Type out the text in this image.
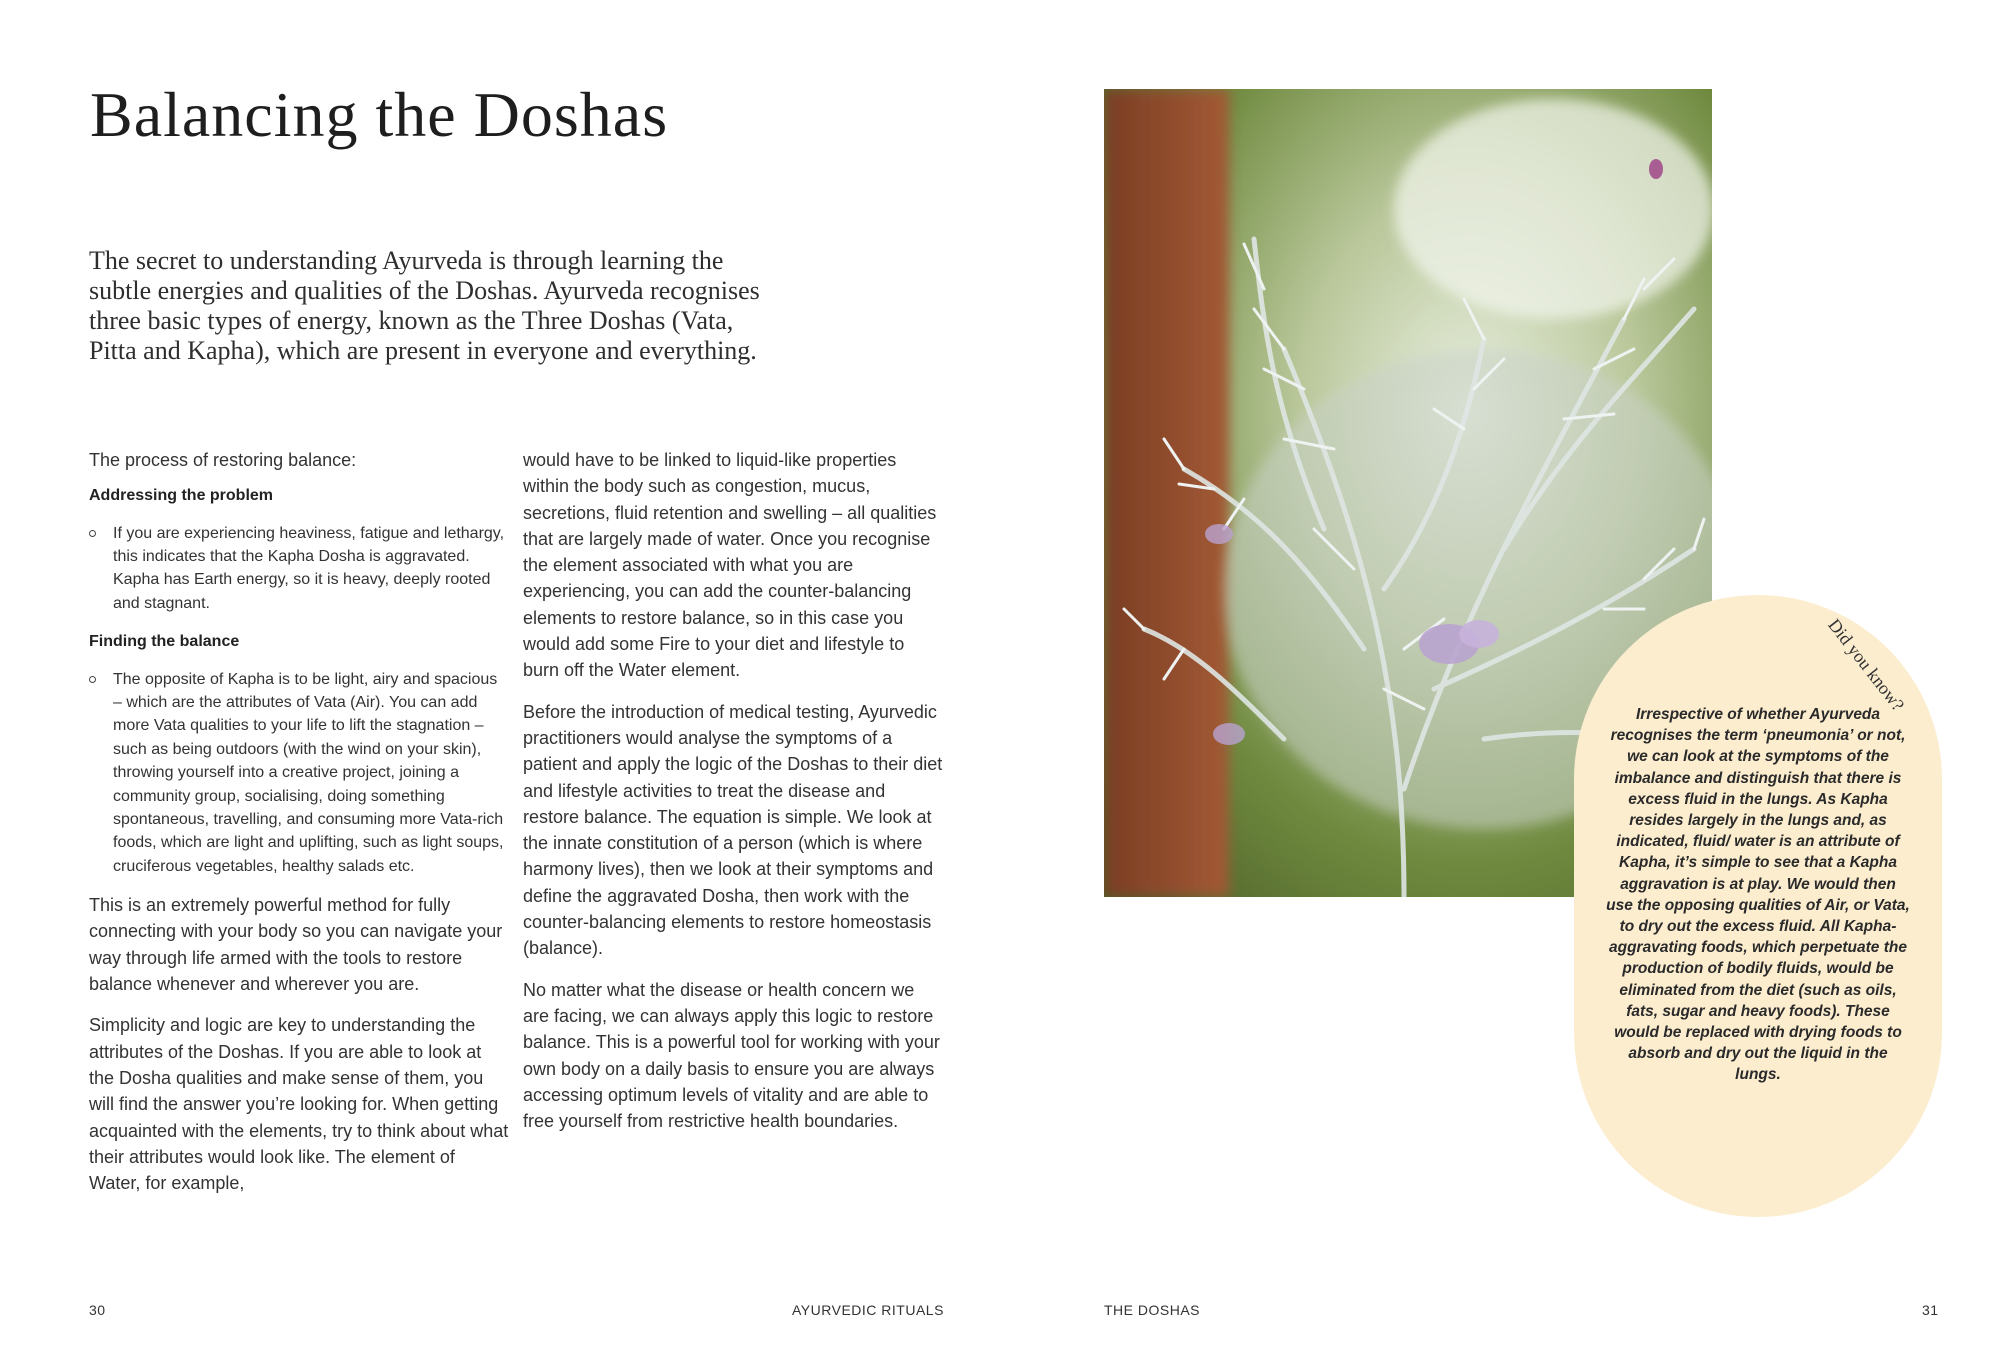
Balancing the Doshas
The secret to understanding Ayurveda is through learning the subtle energies and qualities of the Doshas. Ayurveda recognises three basic types of energy, known as the Three Doshas (Vata, Pitta and Kapha), which are present in everyone and everything.

The process of restoring balance:

Addressing the problem

If you are experiencing heaviness, fatigue and lethargy, this indicates that the Kapha Dosha is aggravated. Kapha has Earth energy, so it is heavy, deeply rooted and stagnant.

Finding the balance

The opposite of Kapha is to be light, airy and spacious – which are the attributes of Vata (Air). You can add more Vata qualities to your life to lift the stagnation – such as being outdoors (with the wind on your skin), throwing yourself into a creative project, joining a community group, socialising, doing something spontaneous, travelling, and consuming more Vata-rich foods, which are light and uplifting, such as light soups, cruciferous vegetables, healthy salads etc.

This is an extremely powerful method for fully connecting with your body so you can navigate your way through life armed with the tools to restore balance whenever and wherever you are.

Simplicity and logic are key to understanding the attributes of the Doshas. If you are able to look at the Dosha qualities and make sense of them, you will find the answer you’re looking for. When getting acquainted with the elements, try to think about what their attributes would look like. The element of Water, for example,

would have to be linked to liquid-like properties within the body such as congestion, mucus, secretions, fluid retention and swelling – all qualities that are largely made of water. Once you recognise the element associated with what you are experiencing, you can add the counter-balancing elements to restore balance, so in this case you would add some Fire to your diet and lifestyle to burn off the Water element.

Before the introduction of medical testing, Ayurvedic practitioners would analyse the symptoms of a patient and apply the logic of the Doshas to their diet and lifestyle activities to treat the disease and restore balance. The equation is simple. We look at the innate constitution of a person (which is where harmony lives), then we look at their symptoms and define the aggravated Dosha, then work with the counter-balancing elements to restore homeostasis (balance).

No matter what the disease or health concern we are facing, we can always apply this logic to restore balance. This is a powerful tool for working with your own body on a daily basis to ensure you are always accessing optimum levels of vitality and are able to free yourself from restrictive health boundaries.

30	AYURVEDIC RITUALS
Did you know?
Irrespective of whether Ayurveda recognises the term ‘pneumonia’ or not, we can look at the symptoms of the imbalance and distinguish that there is excess fluid in the lungs. As Kapha resides largely in the lungs and, as indicated, fluid/ water is an attribute of Kapha, it’s simple to see that a Kapha aggravation is at play. We would then use the opposing qualities of Air, or Vata, to dry out the excess fluid. All Kapha-aggravating foods, which perpetuate the production of bodily fluids, would be eliminated from the diet (such as oils, fats, sugar and heavy foods). These would be replaced with drying foods to absorb and dry out the liquid in the lungs.
THE DOSHAS	31
